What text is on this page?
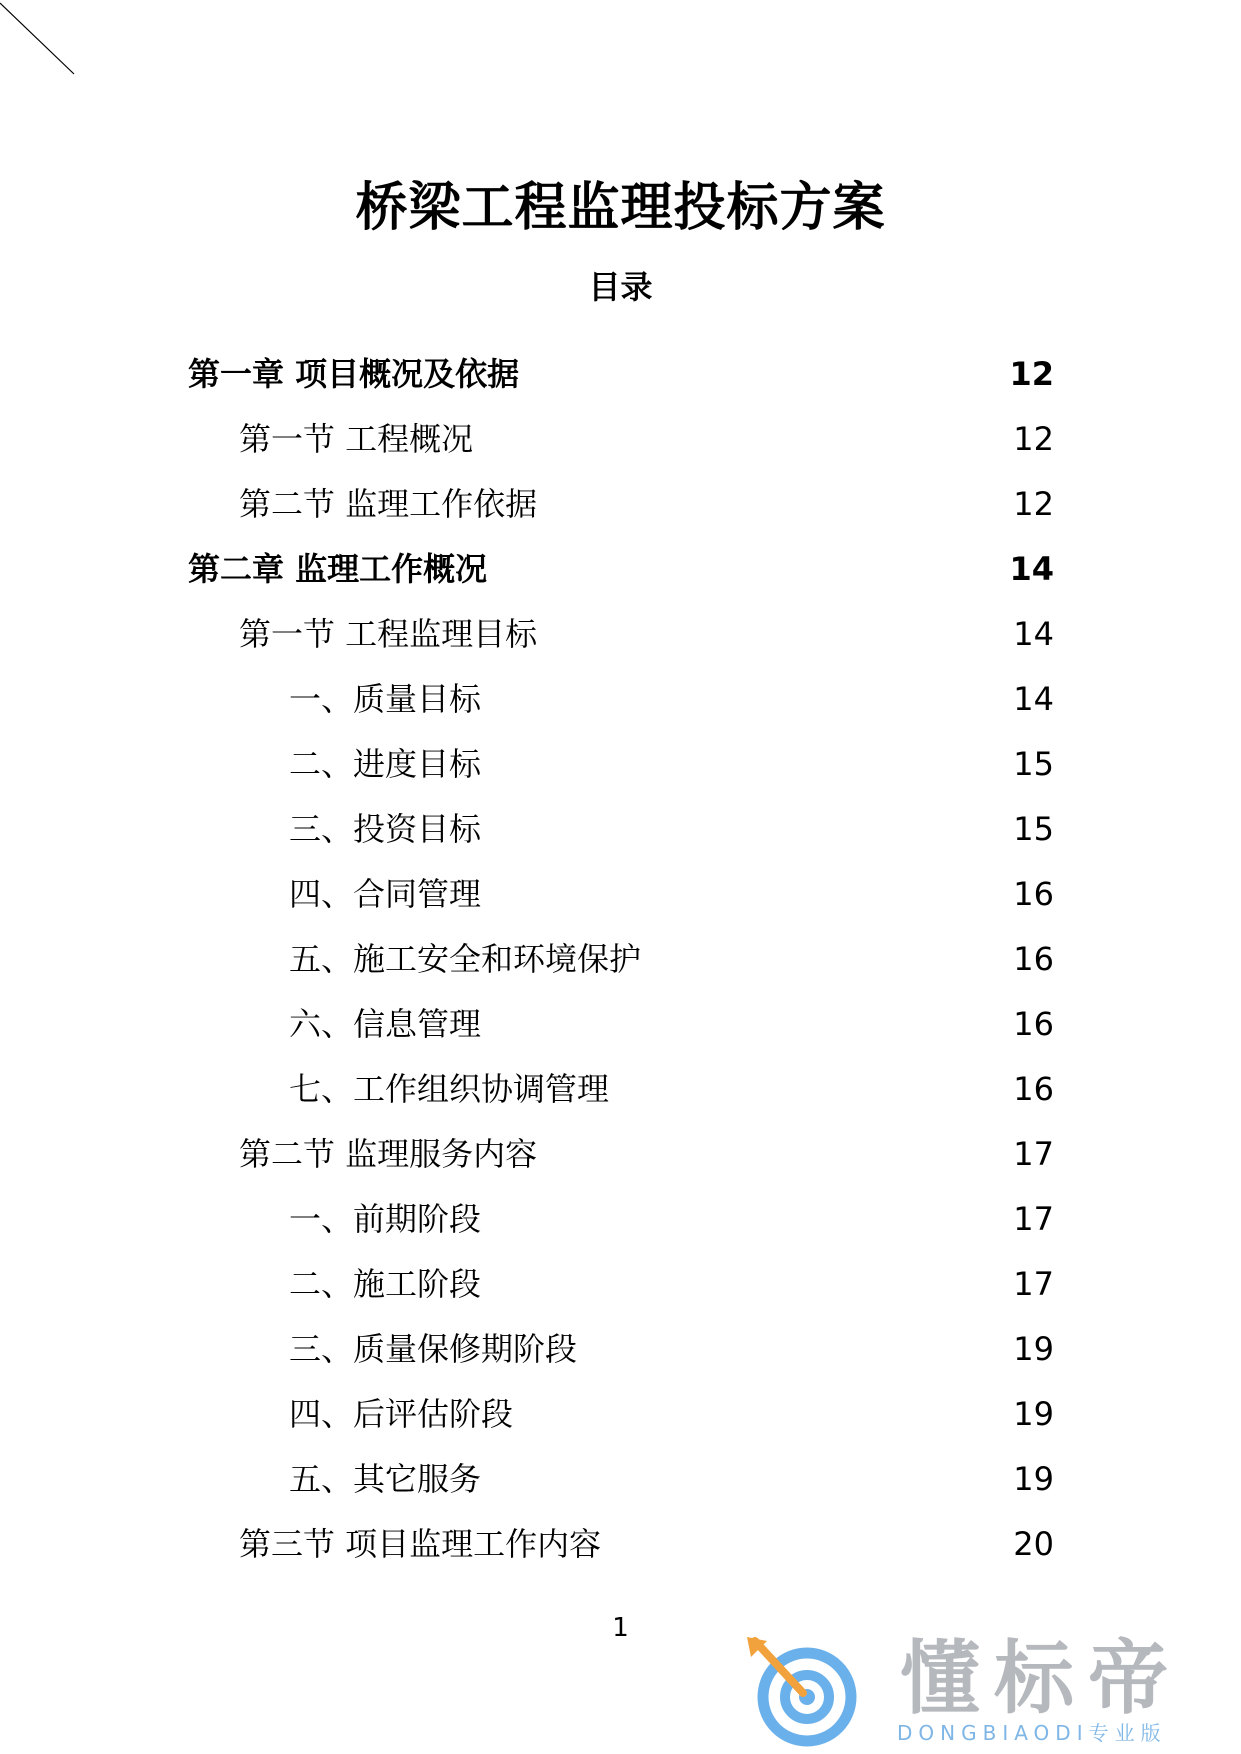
桥梁工程监理投标方案
目录
第一章 项目概况及依据	12
第一节 工程概况	12
第二节 监理工作依据	12
第二章 监理工作概况	14
第一节 工程监理目标	14
一、质量目标	14
二、进度目标	15
三、投资目标	15
四、合同管理	16
五、施工安全和环境保护	16
六、信息管理	16
七、工作组织协调管理	16
第二节 监理服务内容	17
一、前期阶段	17
二、施工阶段	17
三、质量保修期阶段	19
四、后评估阶段	19
五、其它服务	19
第三节 项目监理工作内容	20
1
懂标帝
DONGBIAODI专业版
